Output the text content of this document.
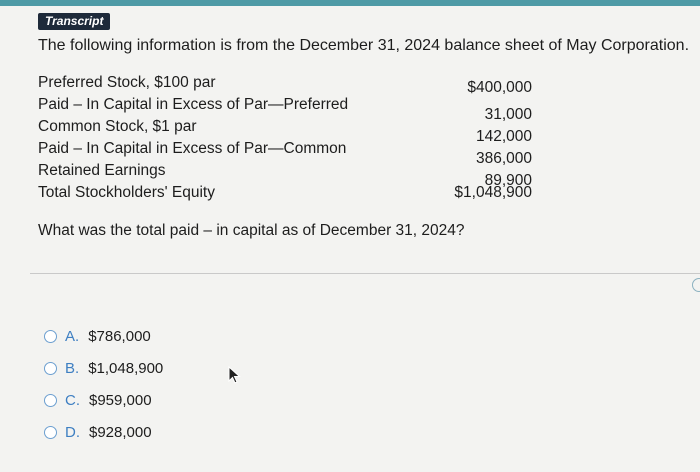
Transcript
The following information is from the December 31, 2024 balance sheet of May Corporation.
Preferred Stock, $100 par	$400,000
Paid – In Capital in Excess of Par—Preferred
31,000
Common Stock, $1 par
142,000
Paid – In Capital in Excess of Par—Common
386,000
Retained Earnings
89,900
Total Stockholders' Equity	$1,048,900
What was the total paid – in capital as of December 31, 2024?
A. $786,000
B. $1,048,900
C. $959,000
D. $928,000
